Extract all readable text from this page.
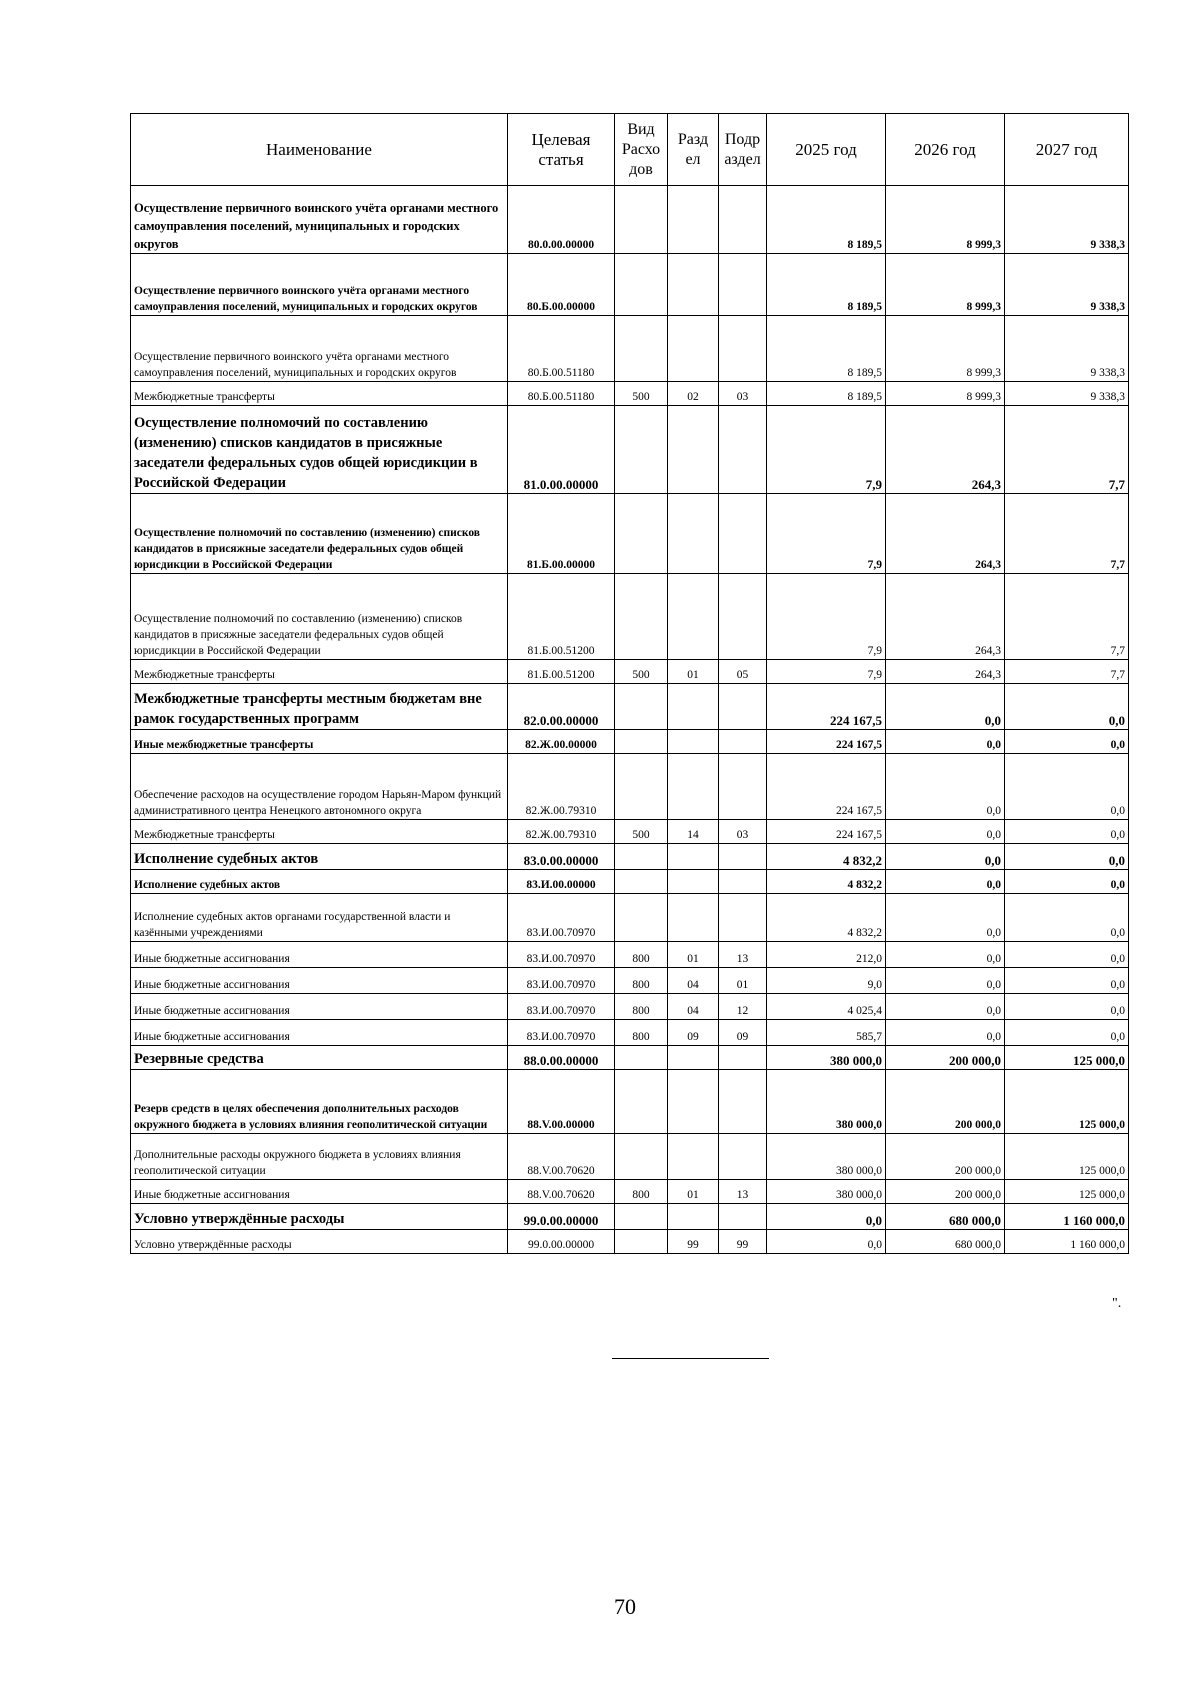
Наименование	Целевая статья	Вид Расхо дов	Разд ел	Подр аздел	2025 год	2026 год	2027 год
Осуществление первичного воинского учёта органами местного самоуправления поселений, муниципальных и городских округов	80.0.00.00000				8 189,5	8 999,3	9 338,3
Осуществление первичного воинского учёта органами местного самоуправления поселений, муниципальных и городских округов	80.Б.00.00000				8 189,5	8 999,3	9 338,3
Осуществление первичного воинского учёта органами местного самоуправления поселений, муниципальных и городских округов	80.Б.00.51180				8 189,5	8 999,3	9 338,3
Межбюджетные трансферты	80.Б.00.51180	500	02	03	8 189,5	8 999,3	9 338,3
Осуществление полномочий по составлению (изменению) списков кандидатов в присяжные заседатели федеральных судов общей юрисдикции в Российской Федерации	81.0.00.00000				7,9	264,3	7,7
Осуществление полномочий по составлению (изменению) списков кандидатов в присяжные заседатели федеральных судов общей юрисдикции в Российской Федерации	81.Б.00.00000				7,9	264,3	7,7
Осуществление полномочий по составлению (изменению) списков кандидатов в присяжные заседатели федеральных судов общей юрисдикции в Российской Федерации	81.Б.00.51200				7,9	264,3	7,7
Межбюджетные трансферты	81.Б.00.51200	500	01	05	7,9	264,3	7,7
Межбюджетные трансферты местным бюджетам вне рамок государственных программ	82.0.00.00000				224 167,5	0,0	0,0
Иные межбюджетные трансферты	82.Ж.00.00000				224 167,5	0,0	0,0
Обеспечение расходов на осуществление городом Нарьян-Маром функций административного центра Ненецкого автономного округа	82.Ж.00.79310				224 167,5	0,0	0,0
Межбюджетные трансферты	82.Ж.00.79310	500	14	03	224 167,5	0,0	0,0
Исполнение судебных актов	83.0.00.00000				4 832,2	0,0	0,0
Исполнение судебных актов	83.И.00.00000				4 832,2	0,0	0,0
Исполнение судебных актов органами государственной власти и казёнными учреждениями	83.И.00.70970				4 832,2	0,0	0,0
Иные бюджетные ассигнования	83.И.00.70970	800	01	13	212,0	0,0	0,0
Иные бюджетные ассигнования	83.И.00.70970	800	04	01	9,0	0,0	0,0
Иные бюджетные ассигнования	83.И.00.70970	800	04	12	4 025,4	0,0	0,0
Иные бюджетные ассигнования	83.И.00.70970	800	09	09	585,7	0,0	0,0
Резервные средства	88.0.00.00000				380 000,0	200 000,0	125 000,0
Резерв средств в целях обеспечения дополнительных расходов окружного бюджета в условиях влияния геополитической ситуации	88.V.00.00000				380 000,0	200 000,0	125 000,0
Дополнительные расходы окружного бюджета в условиях влияния геополитической ситуации	88.V.00.70620				380 000,0	200 000,0	125 000,0
Иные бюджетные ассигнования	88.V.00.70620	800	01	13	380 000,0	200 000,0	125 000,0
Условно утверждённые расходы	99.0.00.00000				0,0	680 000,0	1 160 000,0
Условно утверждённые расходы	99.0.00.00000		99	99	0,0	680 000,0	1 160 000,0
".
70
